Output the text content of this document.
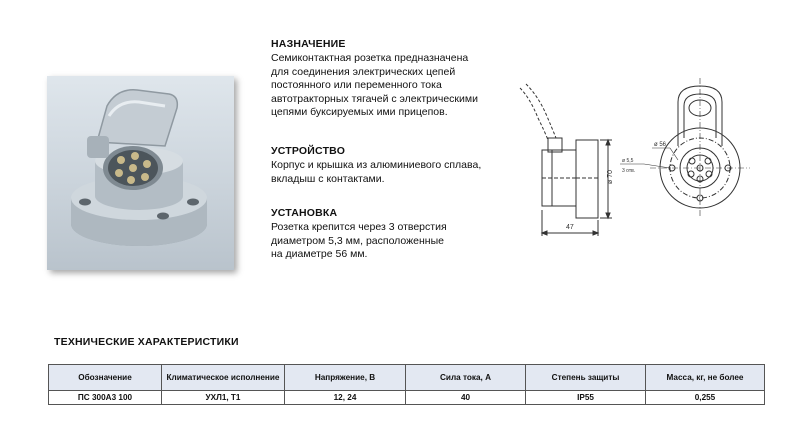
НАЗНАЧЕНИЕ
Семиконтактная розетка предназначена
для соединения электрических цепей
постоянного или переменного тока
автотракторных тягачей с электрическими
цепями буксируемых ими прицепов.
УСТРОЙСТВО
Корпус и крышка из алюминиевого сплава,
вкладыш с контактами.
УСТАНОВКА
Розетка крепится через 3 отверстия
диаметром 5,3 мм, расположенные
на диаметре 56 мм.
47
ø 70
ø 56
ø 5,5
3 отв.
ТЕХНИЧЕСКИЕ ХАРАКТЕРИСТИКИ
Обозначение	Климатическое исполнение	Напряжение, В	Сила тока, А	Степень защиты	Масса, кг, не более
ПС 300А3 100	УХЛ1, Т1	12, 24	40	IP55	0,255
